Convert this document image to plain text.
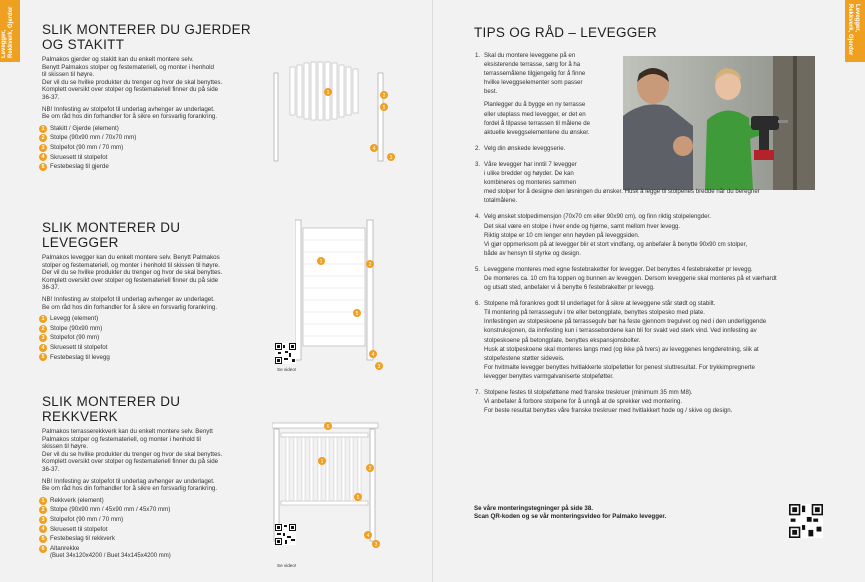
Levegger, Rekkverk, Gjerder SLIK MONTERER DU GJERDER
OG STAKITT

Palmakos gjerder og stakitt kan du enkelt montere selv.

Benytt Palmakos stolper og festemateriell, og monter i henhold

til skissen til høyre.

Der vil du se hvilke produkter du trenger og hvor de skal benyttes.

Komplett oversikt over stolper og festemateriell finner du på side

36-37.

NB! Innfesting av stolpefot til underlag avhenger av underlaget.

Be om råd hos din forhandler for å sikre en forsvarlig forankring.

1 Stakitt / Gjerde (element)
2 Stolpe (90x90 mm / 70x70 mm)
3 Stolpefot (90 mm / 70 mm)
4 Skruesett til stolpefot
5 Festebeslag til gjerde
1	2
5
4
3
SLIK MONTERER DU LEVEGGER

Palmakos levegger kan du enkelt montere selv. Benytt Palmakos

stolper og festemateriell, og monter i henhold til skissen til høyre.

Der vil du se hvilke produkter du trenger og hvor de skal benyttes.

Komplett oversikt over stolper og festemateriell finner du på side

36-37.

NB! Innfesting av stolpefot til underlag avhenger av underlaget.

Be om råd hos din forhandler for å sikre en forsvarlig forankring.

1 Levegg (element)
2 Stolpe (90x90 mm)
3 Stolpefot (90 mm)
4 Skruesett til stolpefot
5 Festebeslag til levegg
1	2
5
4
3
Se video!
SLIK MONTERER DU REKKVERK

Palmakos terrasserekkverk kan du enkelt montere selv. Benytt

Palmakos stolper og festemateriell, og monter i henhold til

skissen til høyre.

Der vil du se hvilke produkter du trenger og hvor de skal benyttes.

Komplett oversikt over stolper og festemateriell finner du på side

36-37.

NB! Innfesting av stolpefot til underlag avhenger av underlaget.

Be om råd hos din forhandler for å sikre en forsvarlig forankring.

1 Rekkverk (element)
2 Stolpe (90x90 mm / 45x90 mm / 45x70 mm)
3 Stolpefot (90 mm / 70 mm)
4 Skruesett til stolpefot
5 Festebeslag til rekkverk
6 Altanrekke
(Buet 34x120x4200 / Buet 34x145x4200 mm)
6
1
2
5
4
3
Se video!
Levegger, Rekkverk, Gjerder
TIPS OG RÅD – LEVEGGER
1. Skal du montere leveggene på en

eksisterende terrasse, sørg for å ha

terrassemålene tilgjengelig for å finne

hvilke leveggselementer som passer

best.

Planlegger du å bygge en ny terrasse

eller uteplass med levegger, er det en

fordel å tilpasse terrassen til målene de

aktuelle leveggselementene du ønsker.

2. Velg din ønskede leveggserie.

3. Våre levegger har inntil 7 levegger

i ulike bredder og høyder. De kan

kombineres og monteres sammen

med stolper for å designe den løsningen du ønsker. Husk å legge til stolpenes bredde når du beregner

totalmålene.

4. Velg ønsket stolpedimensjon (70x70 cm eller 90x90 cm), og finn riktig stolpelengder.

Det skal være en stolpe i hver ende og hjørne, samt mellom hver levegg.

Riktig stolpe er 10 cm lenger enn høyden på leveggsiden.

Vi gjør oppmerksom på at levegger blir et stort vindfang, og anbefaler å benytte 90x90 cm stolper,

både av hensyn til styrke og design.

5. Leveggene monteres med egne festebraketter for levegger. Det benyttes 4 festebraketter pr levegg.

De monteres ca. 10 cm fra toppen og bunnen av leveggen. Dersom leveggene skal monteres på et værhardt

og utsatt sted, anbefaler vi å benytte 6 festebraketter pr levegg.

6. Stolpene må forankres godt til underlaget for å sikre at leveggene står stødt og stabilt.

Til montering på terrassegulv i tre eller betongplate, benyttes stolpesko med plate.

Innfestingen av stolpeskoene på terrassegulv bør ha feste gjennom tregulvet og ned i den underliggende

konstruksjonen, da innfesting kun i terrassebordene kan bli for svakt ved sterk vind. Ved innfesting av

stolpeskoene på betongplate, benyttes ekspansjonsbolter.

Husk at stolpeskoene skal monteres langs med (og ikke på tvers) av leveggenes lengderetning, slik at

stolpefestene støtter sideveis.

For hvitmalte levegger benyttes hvitlakkerte stolpeføtter for penest sluttresultat. For trykkimpregnerte

levegger benyttes varmgalvaniserte stolpeføtter.

7. Stolpene festes til stolpeføttene med franske treskruer (minimum 35 mm M8).

Vi anbefaler å forbore stolpene for å unngå at de sprekker ved montering.

For beste resultat benyttes våre franske treskruer med hvitlakkert hode og / skive og design.

Se våre monteringstegninger på side 38.
Scan QR-koden og se vår monteringsvideo for Palmako levegger.
